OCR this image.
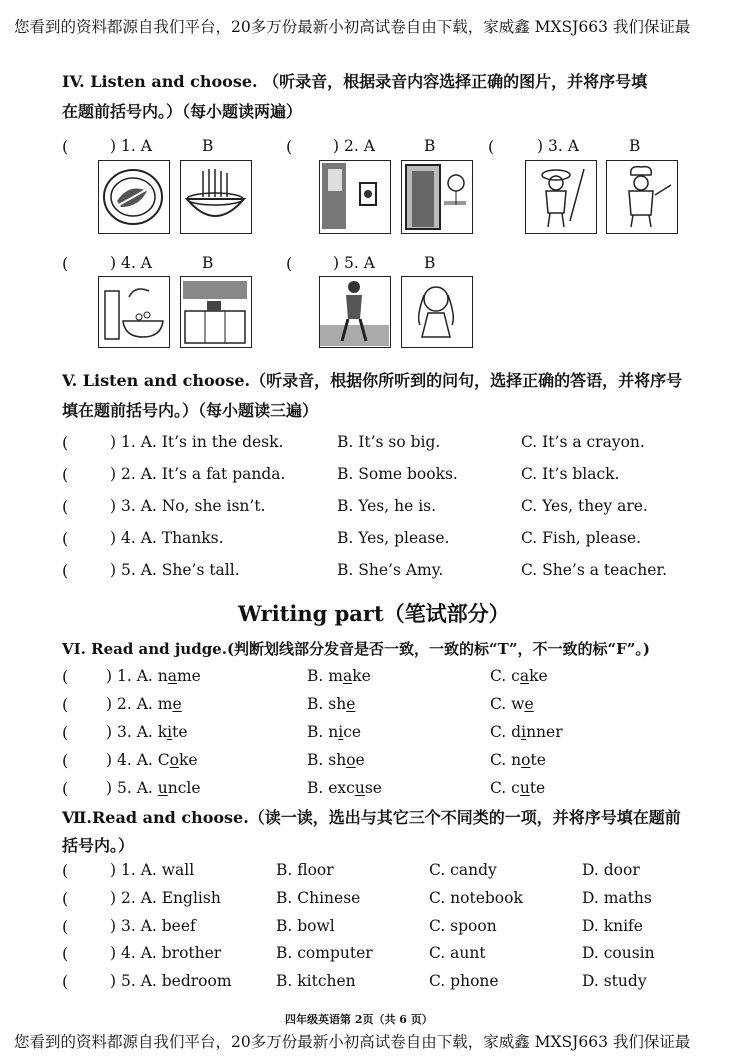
您看到的资料都源自我们平台，20多万份最新小初高试卷自由下载，家威鑫 MXSJ663 我们保证最
IV. Listen and choose. （听录音，根据录音内容选择正确的图片，并将序号填
在题前括号内。）（每小题读两遍）
(	) 1. A	B	(	) 2. A	B	(	) 3. A	B
(	) 4. A	B	(	) 5. A	B
V. Listen and choose.（听录音，根据你所听到的问句，选择正确的答语，并将序号
填在题前括号内。）（每小题读三遍）
(	) 1. A. It’s in the desk.	B. It’s so big.	C. It’s a crayon.
(	) 2. A. It’s a fat panda.	B. Some books.	C. It’s black.
(	) 3. A. No, she isn’t.	B. Yes, he is.	C. Yes, they are.
(	) 4. A. Thanks.	B. Yes, please.	C. Fish, please.
(	) 5. A. She’s tall.	B. She’s Amy.	C. She’s a teacher.
Writing part（笔试部分）
VI. Read and judge.(判断划线部分发音是否一致，一致的标“T”，不一致的标“F”。)
( ) 1. A. name	B. make	C. cake
( ) 2. A. me	B. she	C. we
( ) 3. A. kite	B. nice	C. dinner
( ) 4. A. Coke	B. shoe	C. note
( ) 5. A. uncle	B. excuse	C. cute
Ⅶ.Read and choose.（读一读，选出与其它三个不同类的一项，并将序号填在题前
括号内。）
(	) 1. A. wall	B. floor	C. candy	D. door
(	) 2. A. English	B. Chinese	C. notebook	D. maths
(	) 3. A. beef	B. bowl	C. spoon	D. knife
(	) 4. A. brother	B. computer	C. aunt	D. cousin
(	) 5. A. bedroom	B. kitchen	C. phone	D. study
四年级英语第 2页（共 6 页）
您看到的资料都源自我们平台，20多万份最新小初高试卷自由下载，家威鑫 MXSJ663 我们保证最
